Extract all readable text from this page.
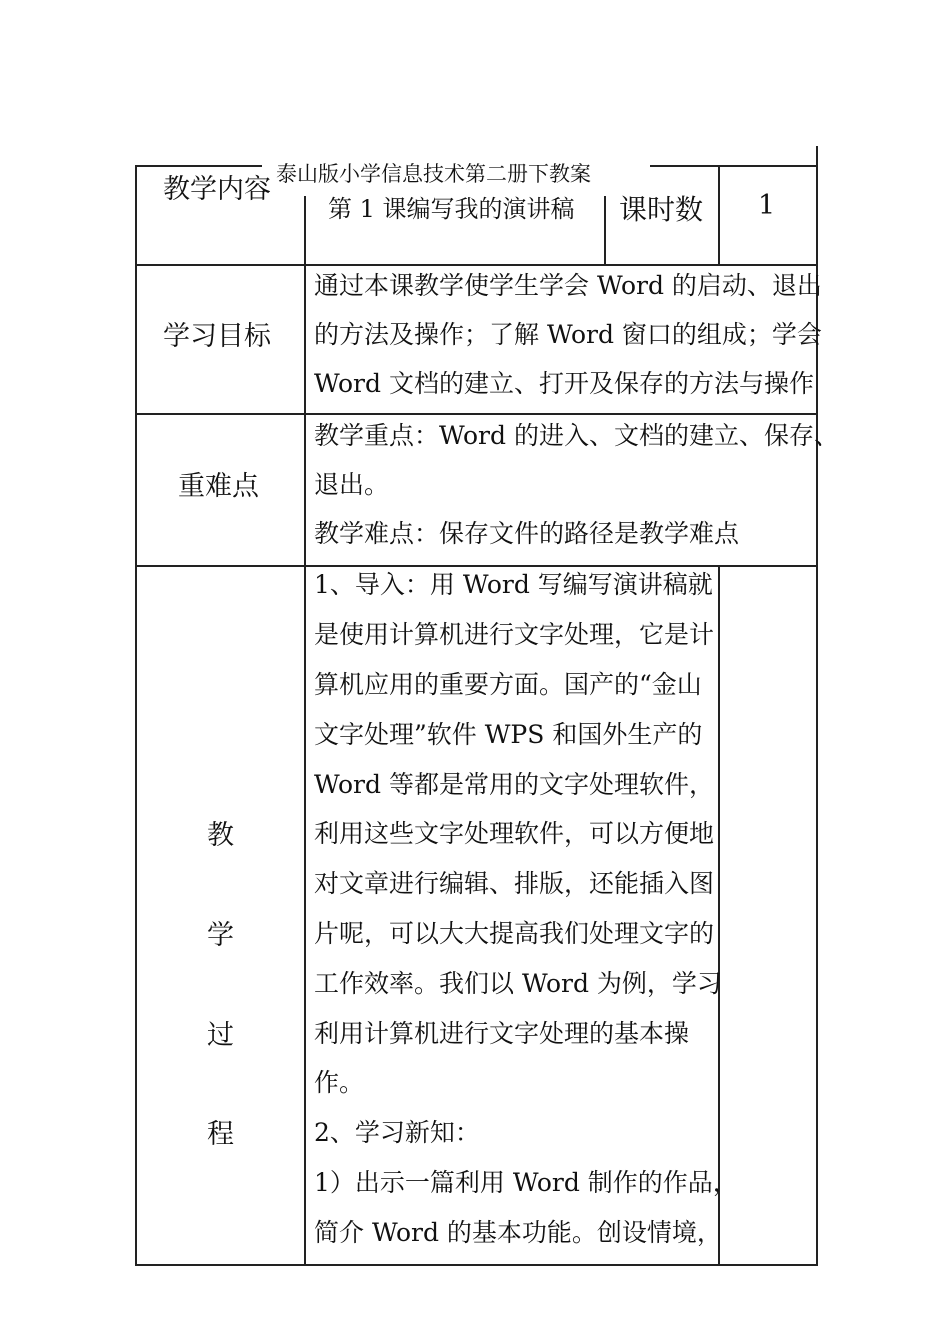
泰山版小学信息技术第二册下教案
教学内容
第 1 课编写我的演讲稿 课时数 1
学习目标
通过本课教学使学生学会 Word 的启动、退出
的方法及操作；了解 Word 窗口的组成；学会
Word 文档的建立、打开及保存的方法与操作
重难点
教学重点：Word 的进入、文档的建立、保存、
退出。
教学难点：保存文件的路径是教学难点
教
学
过
程
1、导入：用 Word 写编写演讲稿就
是使用计算机进行文字处理，它是计
算机应用的重要方面。国产的“金山
文字处理”软件 WPS 和国外生产的
Word 等都是常用的文字处理软件，
利用这些文字处理软件，可以方便地
对文章进行编辑、排版，还能插入图
片呢，可以大大提高我们处理文字的
工作效率。我们以 Word 为例，学习
利用计算机进行文字处理的基本操
作。
2、学习新知：
1）出示一篇利用 Word 制作的作品，
简介 Word 的基本功能。创设情境，
